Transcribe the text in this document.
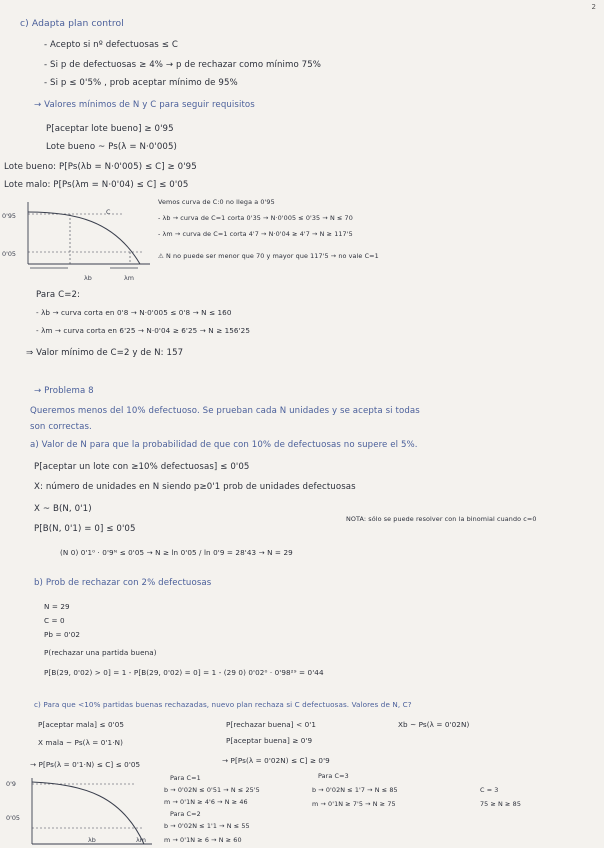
2
c) Adapta plan control
- Acepto si nº defectuosas ≤ C
- Si p de defectuosas ≥ 4% → p de rechazar como mínimo 75%
- Si p ≤ 0'5% , prob aceptar mínimo de 95%
→ Valores mínimos de N y C para seguir requisitos
P[aceptar lote bueno] ≥ 0'95
Lote bueno ~ Ps(λ = N·0'005)
Lote bueno: P[Ps(λb = N·0'005) ≤ C] ≥ 0'95
Lote malo: P[Ps(λm = N·0'04) ≤ C] ≤ 0'05
0'95
0'05
λb	λm
C
Vemos curva de C:0 no llega a 0'95
- λb → curva de C=1 corta 0'35 → N·0'005 ≤ 0'35 → N ≤ 70
- λm → curva de C=1 corta 4'7 → N·0'04 ≥ 4'7 → N ≥ 117'5
⚠ N no puede ser menor que 70 y mayor que 117'5 → no vale C=1
Para C=2:
- λb → curva corta en 0'8 → N·0'005 ≤ 0'8 → N ≤ 160
- λm → curva corta en 6'25 → N·0'04 ≥ 6'25 → N ≥ 156'25
⇒ Valor mínimo de C=2 y de N: 157
→ Problema 8
Queremos menos del 10% defectuoso. Se prueban cada N unidades y se acepta si todas
son correctas.
a) Valor de N para que la probabilidad de que con 10% de defectuosas no supere el 5%.
P[aceptar un lote con ≥10% defectuosas] ≤ 0'05
X: número de unidades en N siendo p≥0'1 prob de unidades defectuosas
X ~ B(N, 0'1)
P[B(N, 0'1) = 0] ≤ 0'05
NOTA: sólo se puede resolver con la binomial cuando c=0
(N 0) 0'1⁰ · 0'9ᴺ ≤ 0'05 → N ≥ ln 0'05 / ln 0'9 = 28'43 → N = 29
b) Prob de rechazar con 2% defectuosas
N = 29
C = 0
Pb = 0'02
P(rechazar una partida buena)
P[B(29, 0'02) > 0] = 1 - P[B(29, 0'02) = 0] = 1 - (29 0) 0'02⁰ · 0'98²⁹ = 0'44
c) Para que <10% partidas buenas rechazadas, nuevo plan rechaza si C defectuosas. Valores de N, C?
P[aceptar mala] ≤ 0'05
X mala ~ Ps(λ = 0'1·N)
→ P[Ps(λ = 0'1·N) ≤ C] ≤ 0'05
P[rechazar buena] < 0'1
P[aceptar buena] ≥ 0'9
→ P[Ps(λ = 0'02N) ≤ C] ≥ 0'9
Xb ~ Ps(λ = 0'02N)
0'9
0'05
λb	λm
Para C=1
b → 0'02N ≤ 0'51 → N ≤ 25'5
m → 0'1N ≥ 4'6 → N ≥ 46
Para C=2
b → 0'02N ≤ 1'1 → N ≤ 55
m → 0'1N ≥ 6 → N ≥ 60
Para C=3
b → 0'02N ≤ 1'7 → N ≤ 85
m → 0'1N ≥ 7'5 → N ≥ 75
C = 3
75 ≥ N ≥ 85
